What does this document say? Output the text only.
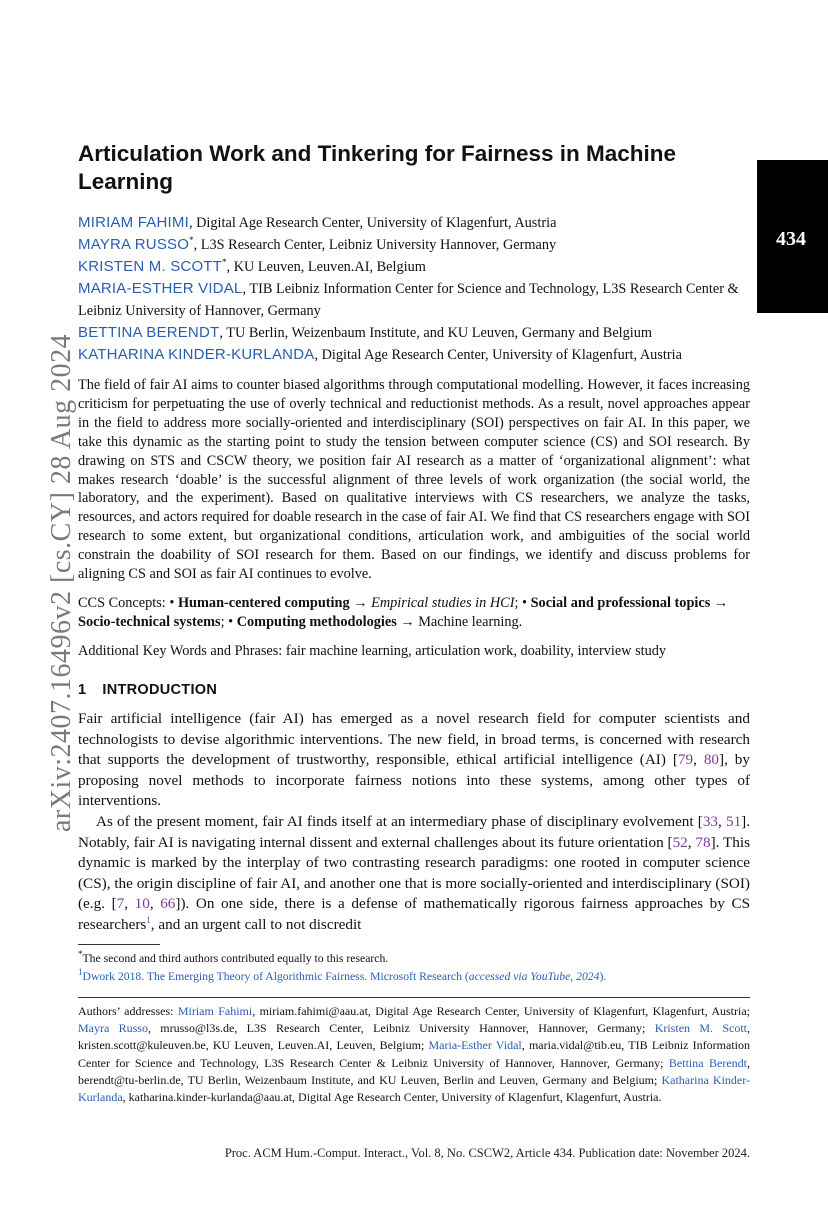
arXiv:2407.16496v2 [cs.CY] 28 Aug 2024
434
Articulation Work and Tinkering for Fairness in Machine Learning
MIRIAM FAHIMI, Digital Age Research Center, University of Klagenfurt, Austria
MAYRA RUSSO*, L3S Research Center, Leibniz University Hannover, Germany
KRISTEN M. SCOTT*, KU Leuven, Leuven.AI, Belgium
MARIA-ESTHER VIDAL, TIB Leibniz Information Center for Science and Technology, L3S Research Center & Leibniz University of Hannover, Germany
BETTINA BERENDT, TU Berlin, Weizenbaum Institute, and KU Leuven, Germany and Belgium
KATHARINA KINDER-KURLANDA, Digital Age Research Center, University of Klagenfurt, Austria

The field of fair AI aims to counter biased algorithms through computational modelling. However, it faces increasing criticism for perpetuating the use of overly technical and reductionist methods. As a result, novel approaches appear in the field to address more socially-oriented and interdisciplinary (SOI) perspectives on fair AI. In this paper, we take this dynamic as the starting point to study the tension between computer science (CS) and SOI research. By drawing on STS and CSCW theory, we position fair AI research as a matter of ‘organizational alignment’: what makes research ‘doable’ is the successful alignment of three levels of work organization (the social world, the laboratory, and the experiment). Based on qualitative interviews with CS researchers, we analyze the tasks, resources, and actors required for doable research in the case of fair AI. We find that CS researchers engage with SOI research to some extent, but organizational conditions, articulation work, and ambiguities of the social world constrain the doability of SOI research for them. Based on our findings, we identify and discuss problems for aligning CS and SOI as fair AI continues to evolve.

CCS Concepts: • Human-centered computing → Empirical studies in HCI; • Social and professional topics → Socio-technical systems; • Computing methodologies → Machine learning.

Additional Key Words and Phrases: fair machine learning, articulation work, doability, interview study

1 INTRODUCTION

Fair artificial intelligence (fair AI) has emerged as a novel research field for computer scientists and technologists to devise algorithmic interventions. The new field, in broad terms, is concerned with research that supports the development of trustworthy, responsible, ethical artificial intelligence (AI) [79, 80], by proposing novel methods to incorporate fairness notions into these systems, among other types of interventions.

As of the present moment, fair AI finds itself at an intermediary phase of disciplinary evolvement [33, 51]. Notably, fair AI is navigating internal dissent and external challenges about its future orientation [52, 78]. This dynamic is marked by the interplay of two contrasting research paradigms: one rooted in computer science (CS), the origin discipline of fair AI, and another one that is more socially-oriented and interdisciplinary (SOI) (e.g. [7, 10, 66]). On one side, there is a defense of mathematically rigorous fairness approaches by CS researchers$^1$, and an urgent call to not discredit

*The second and third authors contributed equally to this research.
$^1$Dwork 2018. The Emerging Theory of Algorithmic Fairness. Microsoft Research (accessed via YouTube, 2024).

Authors’ addresses: Miriam Fahimi, miriam.fahimi@aau.at, Digital Age Research Center, University of Klagenfurt, Klagenfurt, Austria; Mayra Russo, mrusso@l3s.de, L3S Research Center, Leibniz University Hannover, Hannover, Germany; Kristen M. Scott, kristen.scott@kuleuven.be, KU Leuven, Leuven.AI, Leuven, Belgium; Maria-Esther Vidal, maria.vidal@tib.eu, TIB Leibniz Information Center for Science and Technology, L3S Research Center & Leibniz University of Hannover, Hannover, Germany; Bettina Berendt, berendt@tu-berlin.de, TU Berlin, Weizenbaum Institute, and KU Leuven, Berlin and Leuven, Germany and Belgium; Katharina Kinder-Kurlanda, katharina.kinder-kurlanda@aau.at, Digital Age Research Center, University of Klagenfurt, Klagenfurt, Austria.

Proc. ACM Hum.-Comput. Interact., Vol. 8, No. CSCW2, Article 434. Publication date: November 2024.
